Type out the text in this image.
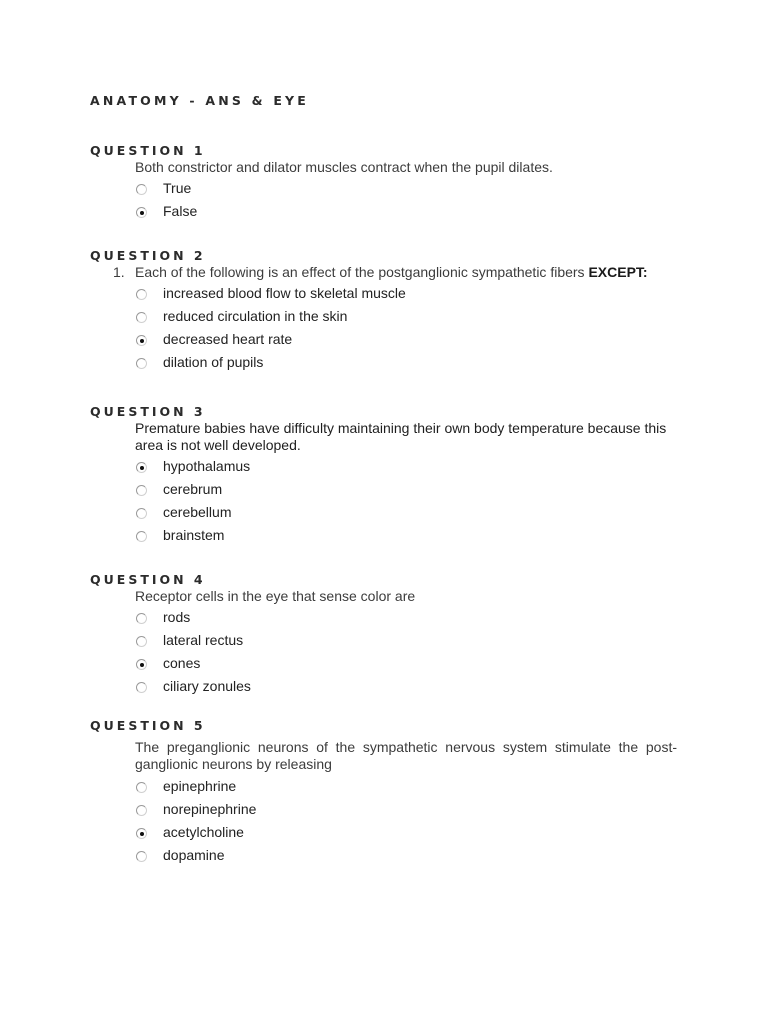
ANATOMY - ANS & EYE
QUESTION 1
Both constrictor and dilator muscles contract when the pupil dilates.
True
False
QUESTION 2
1. Each of the following is an effect of the postganglionic sympathetic fibers EXCEPT:
increased blood flow to skeletal muscle
reduced circulation in the skin
decreased heart rate
dilation of pupils
QUESTION 3
Premature babies have difficulty maintaining their own body temperature because this area is not well developed.
hypothalamus
cerebrum
cerebellum
brainstem
QUESTION 4
Receptor cells in the eye that sense color are
rods
lateral rectus
cones
ciliary zonules
QUESTION 5
The preganglionic neurons of the sympathetic nervous system stimulate the post-ganglionic neurons by releasing
epinephrine
norepinephrine
acetylcholine
dopamine
